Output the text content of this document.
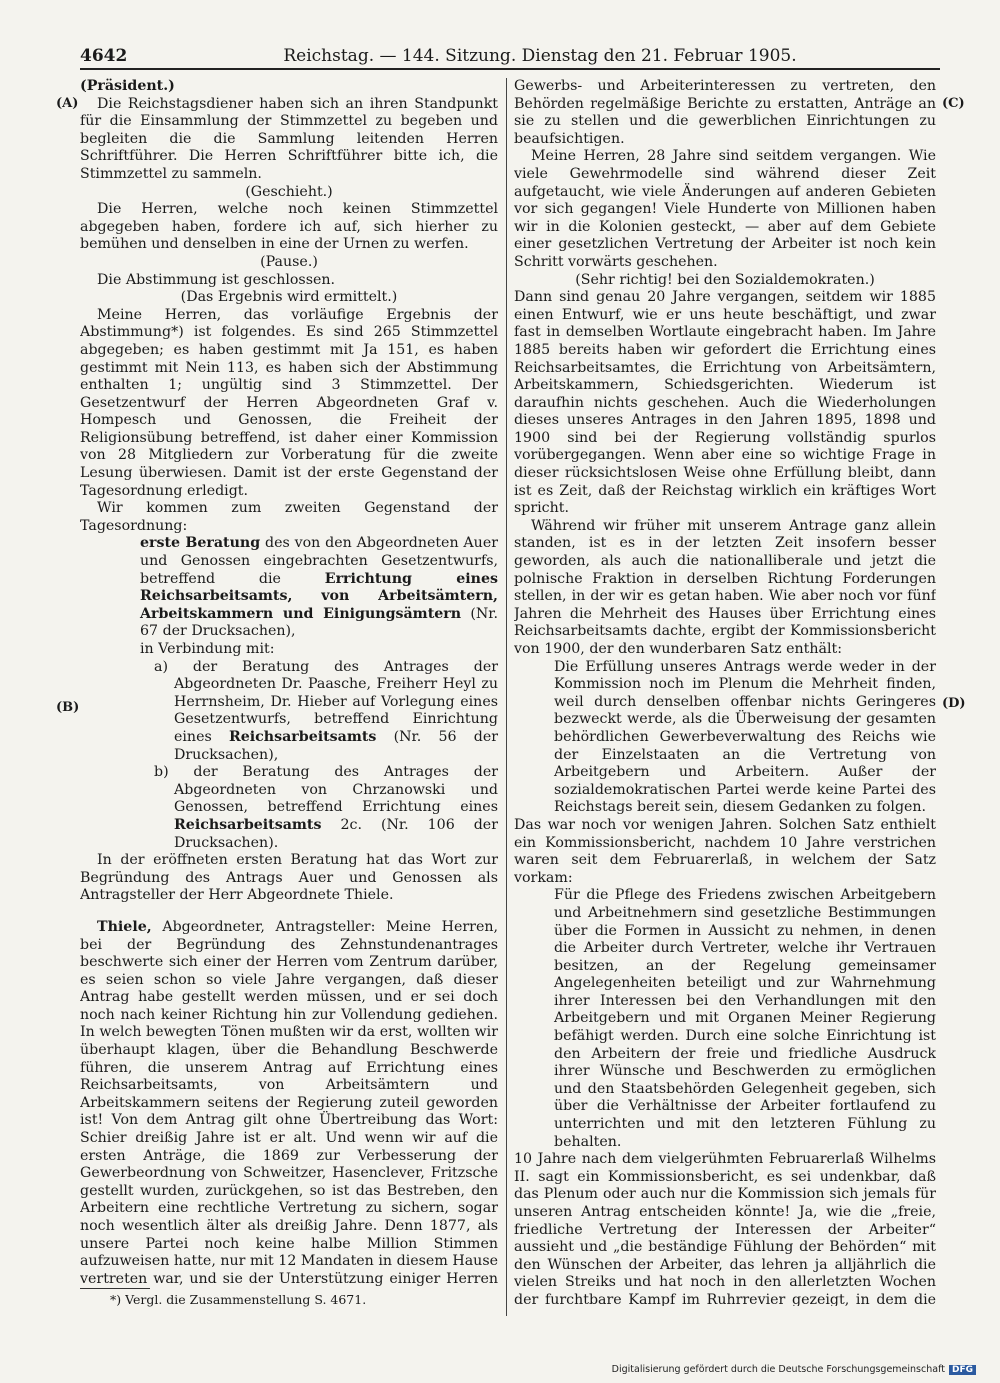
4642	Reichstag. — 144. Sitzung. Dienstag den 21. Februar 1905.
(A)
(B)
(C)
(D)

(Präsident.)

Die Reichstagsdiener haben sich an ihren Standpunkt für die Einsammlung der Stimmzettel zu begeben und begleiten die die Sammlung leitenden Herren Schriftführer. Die Herren Schriftführer bitte ich, die Stimmzettel zu sammeln.

(Geschieht.)

Die Herren, welche noch keinen Stimmzettel abgegeben haben, fordere ich auf, sich hierher zu bemühen und denselben in eine der Urnen zu werfen.

(Pause.)

Die Abstimmung ist geschlossen.

(Das Ergebnis wird ermittelt.)

Meine Herren, das vorläufige Ergebnis der Abstimmung*) ist folgendes. Es sind 265 Stimmzettel abgegeben; es haben gestimmt mit Ja 151, es haben gestimmt mit Nein 113, es haben sich der Abstimmung enthalten 1; ungültig sind 3 Stimmzettel. Der Gesetzentwurf der Herren Abgeordneten Graf v. Hompesch und Genossen, die Freiheit der Religionsübung betreffend, ist daher einer Kommission von 28 Mitgliedern zur Vorberatung für die zweite Lesung überwiesen. Damit ist der erste Gegenstand der Tagesordnung erledigt.

Wir kommen zum zweiten Gegenstand der Tagesordnung:

erste Beratung des von den Abgeordneten Auer und Genossen eingebrachten Gesetzentwurfs, betreffend die	Errichtung eines Reichsarbeitsamts, von Arbeitsämtern, Arbeitskammern und Einigungsämtern (Nr. 67 der Drucksachen),

in Verbindung mit:

a) der Beratung des Antrages der Abgeordneten Dr. Paasche, Freiherr Heyl zu Herrnsheim, Dr. Hieber auf Vorlegung eines Gesetzentwurfs, betreffend Einrichtung eines Reichsarbeitsamts (Nr. 56 der Drucksachen),

b) der Beratung des Antrages der Abgeordneten von Chrzanowski und Genossen, betreffend Errichtung eines Reichsarbeitsamts 2c. (Nr. 106 der Drucksachen).

In der eröffneten ersten Beratung hat das Wort zur Begründung des Antrags Auer und Genossen als Antragsteller der Herr Abgeordnete Thiele.

Thiele, Abgeordneter, Antragsteller: Meine Herren, bei der Begründung des Zehnstundenantrages beschwerte sich einer der Herren vom Zentrum darüber, es seien schon so viele Jahre vergangen, daß dieser Antrag habe gestellt werden müssen, und er sei doch noch nach keiner Richtung hin zur Vollendung gediehen. In welch bewegten Tönen mußten wir da erst, wollten wir überhaupt klagen, über die Behandlung Beschwerde führen, die unserem Antrag auf Errichtung eines Reichsarbeitsamts, von Arbeitsämtern und Arbeitskammern seitens der Regierung zuteil geworden ist! Von dem Antrag gilt ohne Übertreibung das Wort: Schier dreißig Jahre ist er alt. Und wenn wir auf die ersten Anträge, die 1869 zur Verbesserung der Gewerbeordnung von Schweitzer, Hasenclever, Fritzsche gestellt wurden, zurückgehen, so ist das Bestreben, den Arbeitern eine rechtliche Vertretung zu sichern, sogar noch wesentlich älter als dreißig Jahre. Denn 1877, als unsere Partei noch keine halbe Million Stimmen aufzuweisen hatte, nur mit 12 Mandaten in diesem Hause vertreten war, und sie der Unterstützung einiger Herren

Gewerbs- und Arbeiterinteressen zu vertreten, den Behörden regelmäßige Berichte zu erstatten, Anträge an sie zu stellen und die gewerblichen Einrichtungen zu beaufsichtigen.

Meine Herren, 28 Jahre sind seitdem vergangen. Wie viele Gewehrmodelle sind während dieser Zeit aufgetaucht, wie viele Änderungen auf anderen Gebieten vor sich gegangen! Viele Hunderte von Millionen haben wir in die Kolonien gesteckt, — aber auf dem Gebiete einer gesetzlichen Vertretung der Arbeiter ist noch kein Schritt vorwärts geschehen.

(Sehr richtig! bei den Sozialdemokraten.)

Dann sind genau 20 Jahre vergangen, seitdem wir 1885 einen Entwurf, wie er uns heute beschäftigt, und zwar fast in demselben Wortlaute eingebracht haben. Im Jahre 1885 bereits haben wir gefordert die Errichtung eines Reichsarbeitsamtes, die Errichtung von Arbeitsämtern, Arbeitskammern, Schiedsgerichten. Wiederum ist daraufhin nichts geschehen. Auch die Wiederholungen dieses unseres Antrages in den Jahren 1895, 1898 und 1900 sind bei der Regierung vollständig spurlos vorübergegangen. Wenn aber eine so wichtige Frage in dieser rücksichtslosen Weise ohne Erfüllung bleibt, dann ist es Zeit, daß der Reichstag wirklich ein kräftiges Wort spricht.

Während wir früher mit unserem Antrage ganz allein standen, ist es in der letzten Zeit insofern besser geworden, als auch die nationalliberale und jetzt die polnische Fraktion in derselben Richtung Forderungen stellen, in der wir es getan haben. Wie aber noch vor fünf Jahren die Mehrheit des Hauses über Errichtung eines Reichsarbeitsamts dachte, ergibt der Kommissionsbericht von 1900, der den wunderbaren Satz enthält:

Die Erfüllung unseres Antrags werde weder in der Kommission noch im Plenum die Mehrheit finden, weil durch denselben offenbar nichts Geringeres bezweckt werde, als die Überweisung der gesamten behördlichen Gewerbeverwaltung des Reichs wie der Einzelstaaten an die Vertretung von Arbeitgebern und Arbeitern. Außer der sozialdemokratischen Partei werde keine Partei des Reichstags bereit sein, diesem Gedanken zu folgen.

Das war noch vor wenigen Jahren. Solchen Satz enthielt ein Kommissionsbericht, nachdem 10 Jahre verstrichen waren seit dem Februarerlaß, in welchem der Satz vorkam:

Für die Pflege des Friedens zwischen Arbeitgebern und Arbeitnehmern sind gesetzliche Bestimmungen über die Formen in Aussicht zu nehmen, in denen die Arbeiter durch Vertreter, welche ihr Vertrauen besitzen, an der Regelung gemeinsamer Angelegenheiten beteiligt und zur Wahrnehmung ihrer Interessen bei den Verhandlungen mit den Arbeitgebern und mit Organen Meiner Regierung befähigt werden. Durch eine solche Einrichtung ist den Arbeitern der freie und friedliche Ausdruck ihrer Wünsche und Beschwerden zu ermöglichen und den Staatsbehörden Gelegenheit gegeben, sich über die Verhältnisse der Arbeiter fortlaufend zu unterrichten und mit den letzteren Fühlung zu behalten.

10 Jahre nach dem vielgerühmten Februarerlaß Wilhelms II. sagt ein Kommissionsbericht, es sei undenkbar, daß das Plenum oder auch nur die Kommission sich jemals für unseren Antrag entscheiden könnte! Ja, wie die „freie, friedliche Vertretung der Interessen der Arbeiter“ aussieht und „die beständige Fühlung der Behörden“ mit den Wünschen der Arbeiter, das lehren ja alljährlich die vielen Streiks und hat noch in den allerletzten Wochen der furchtbare Kampf im Ruhrrevier gezeigt, in dem die

*) Vergl. die Zusammenstellung S. 4671.
Digitalisierung gefördert durch die Deutsche Forschungsgemeinschaft DFG
